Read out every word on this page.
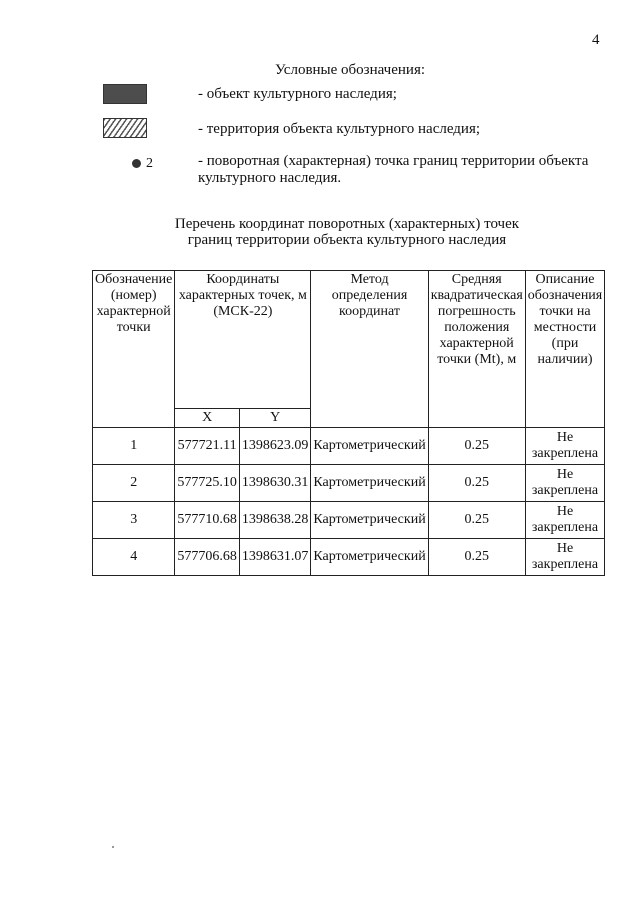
4
Условные обозначения:
- объект культурного наследия;
- территория объекта культурного наследия;
2	- поворотная (характерная) точка границ территории объекта культурного наследия.
Перечень координат поворотных (характерных) точек
границ территории объекта культурного наследия
Обозначение (номер) характерной точки	Координаты характерных точек, м (МСК-22)		Метод определения координат	Средняя квадратическая погрешность положения характерной точки (Mt), м	Описание обозначения точки на местности (при наличии)
	X	Y			
1	577721.11	1398623.09	Картометрический	0.25	Не закреплена
2	577725.10	1398630.31	Картометрический	0.25	Не закреплена
3	577710.68	1398638.28	Картометрический	0.25	Не закреплена
4	577706.68	1398631.07	Картометрический	0.25	Не закреплена
